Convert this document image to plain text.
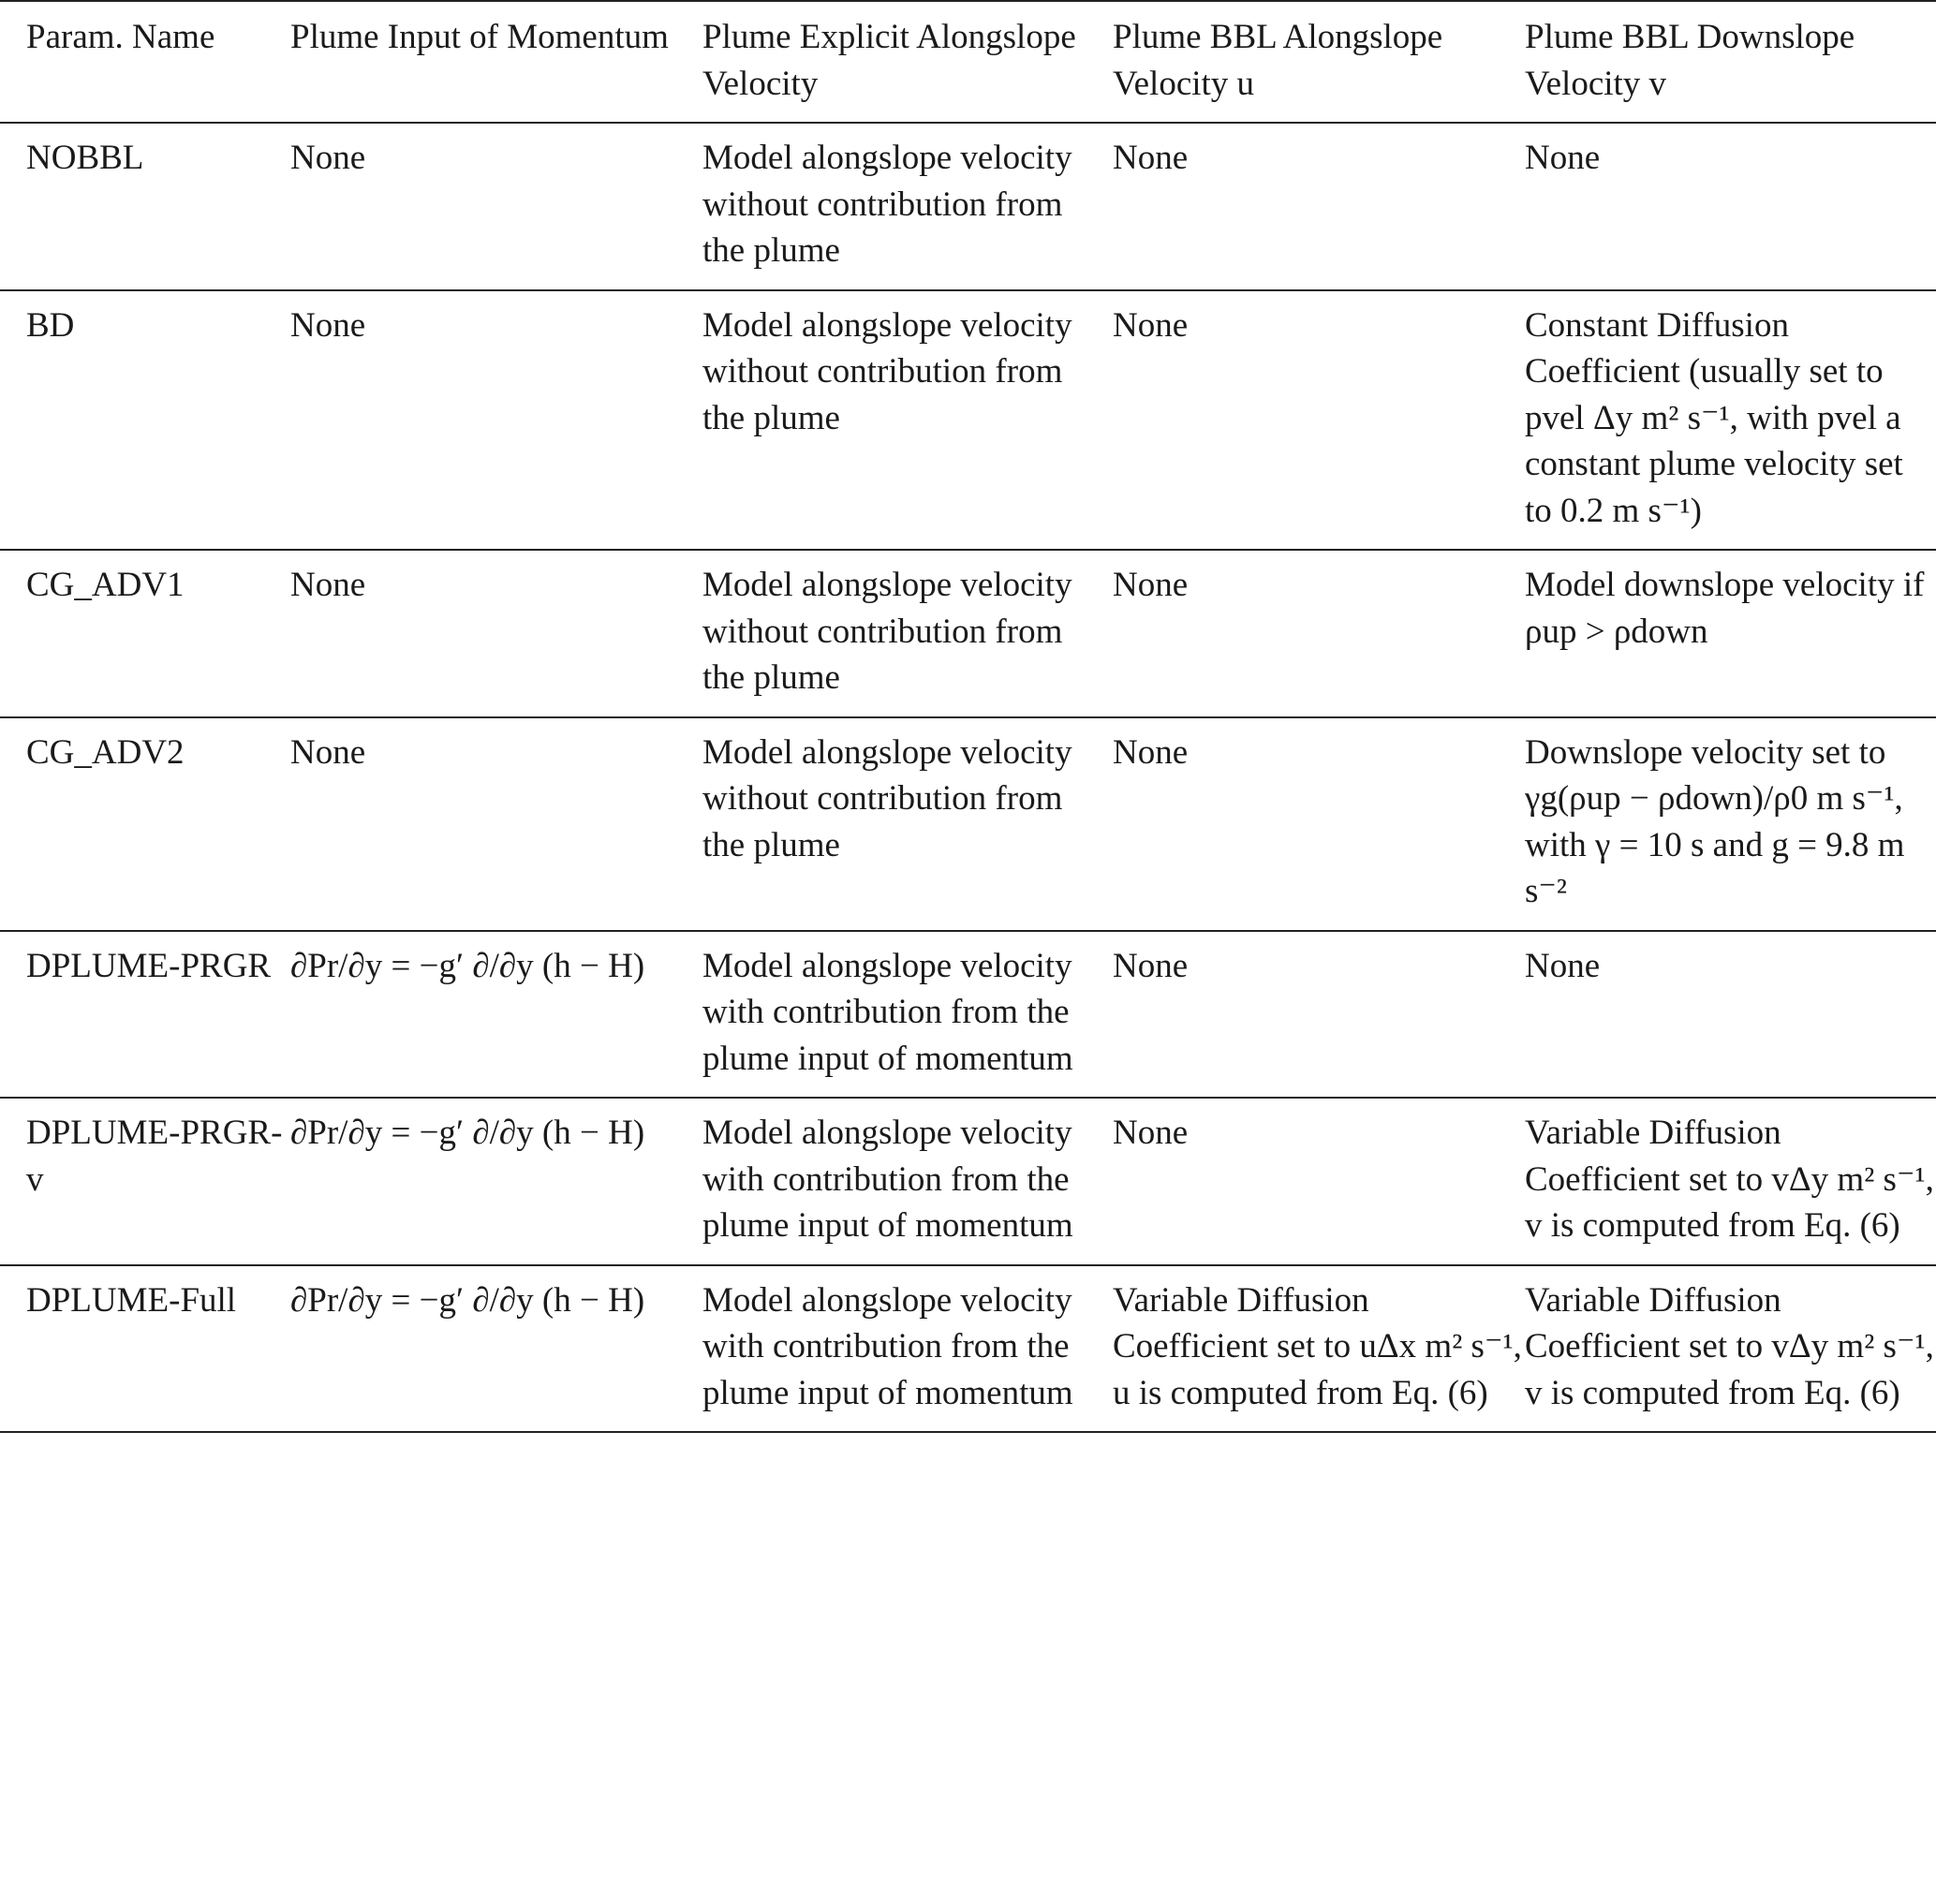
Param. Name	Plume Input of Momentum	Plume Explicit Alongslope Velocity	Plume BBL Alongslope Velocity u	Plume BBL Downslope Velocity v
NOBBL	None	Model alongslope velocity without contribution from the plume	None	None
BD	None	Model alongslope velocity without contribution from the plume	None	Constant Diffusion Coefficient (usually set to pvel Δy m² s⁻¹, with pvel a constant plume velocity set to 0.2 m s⁻¹)
CG_ADV1	None	Model alongslope velocity without contribution from the plume	None	Model downslope velocity if ρup > ρdown
CG_ADV2	None	Model alongslope velocity without contribution from the plume	None	Downslope velocity set to γg(ρup − ρdown)/ρ0 m s⁻¹, with γ = 10 s and g = 9.8 m s⁻²
DPLUME-PRGR	∂Pr/∂y = −g′ ∂/∂y (h − H)	Model alongslope velocity with contribution from the plume input of momentum	None	None
DPLUME-PRGR-v	∂Pr/∂y = −g′ ∂/∂y (h − H)	Model alongslope velocity with contribution from the plume input of momentum	None	Variable Diffusion Coefficient set to vΔy m² s⁻¹, v is computed from Eq. (6)
DPLUME-Full	∂Pr/∂y = −g′ ∂/∂y (h − H)	Model alongslope velocity with contribution from the plume input of momentum	Variable Diffusion Coefficient set to uΔx m² s⁻¹, u is computed from Eq. (6)	Variable Diffusion Coefficient set to vΔy m² s⁻¹, v is computed from Eq. (6)
